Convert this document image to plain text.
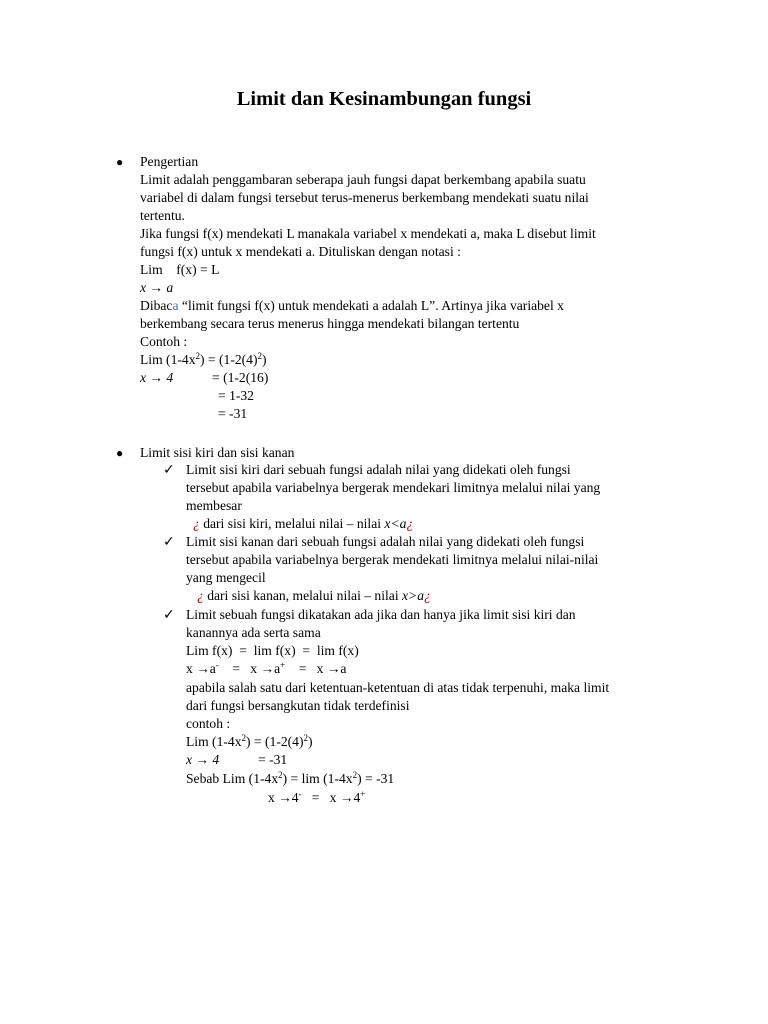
Limit dan Kesinambungan fungsi
● Pengertian
Limit adalah penggambaran seberapa jauh fungsi dapat berkembang apabila suatu
variabel di dalam fungsi tersebut terus-menerus berkembang mendekati suatu nilai
tertentu.
Jika fungsi f(x) mendekati L manakala variabel x mendekati a, maka L disebut limit
fungsi f(x) untuk x mendekati a. Dituliskan dengan notasi :
Lim    f(x) = L
x → a
Dibaca “limit fungsi f(x) untuk mendekati a adalah L”. Artinya jika variabel x
berkembang secara terus menerus hingga mendekati bilangan tertentu
Contoh :
Lim $(1-4x^2) = (1-2(4)^2)$
x → 4	= (1-2(16)
= 1-32
= -31
● Limit sisi kiri dan sisi kanan
✓ Limit sisi kiri dari sebuah fungsi adalah nilai yang didekati oleh fungsi
tersebut apabila variabelnya bergerak mendekari limitnya melalui nilai yang
membesar
¿ dari sisi kiri, melalui nilai – nilai x<a¿
✓ Limit sisi kanan dari sebuah fungsi adalah nilai yang didekati oleh fungsi
tersebut apabila variabelnya bergerak mendekati limitnya melalui nilai-nilai
yang mengecil
¿ dari sisi kanan, melalui nilai – nilai x>a¿
✓ Limit sebuah fungsi dikatakan ada jika dan hanya jika limit sisi kiri dan
kanannya ada serta sama
Lim f(x)  =  lim f(x)  =  lim f(x)
x →a-    =   x →a+    =   x →a
apabila salah satu dari ketentuan-ketentuan di atas tidak terpenuhi, maka limit
dari fungsi bersangkutan tidak terdefinisi
contoh :
Lim $(1-4x^2) = (1-2(4)^2)$
x → 4	= -31
Sebab Lim $(1-4x^2) = \lim (1-4x^2) = -31$
x →4-   =   x →4+
